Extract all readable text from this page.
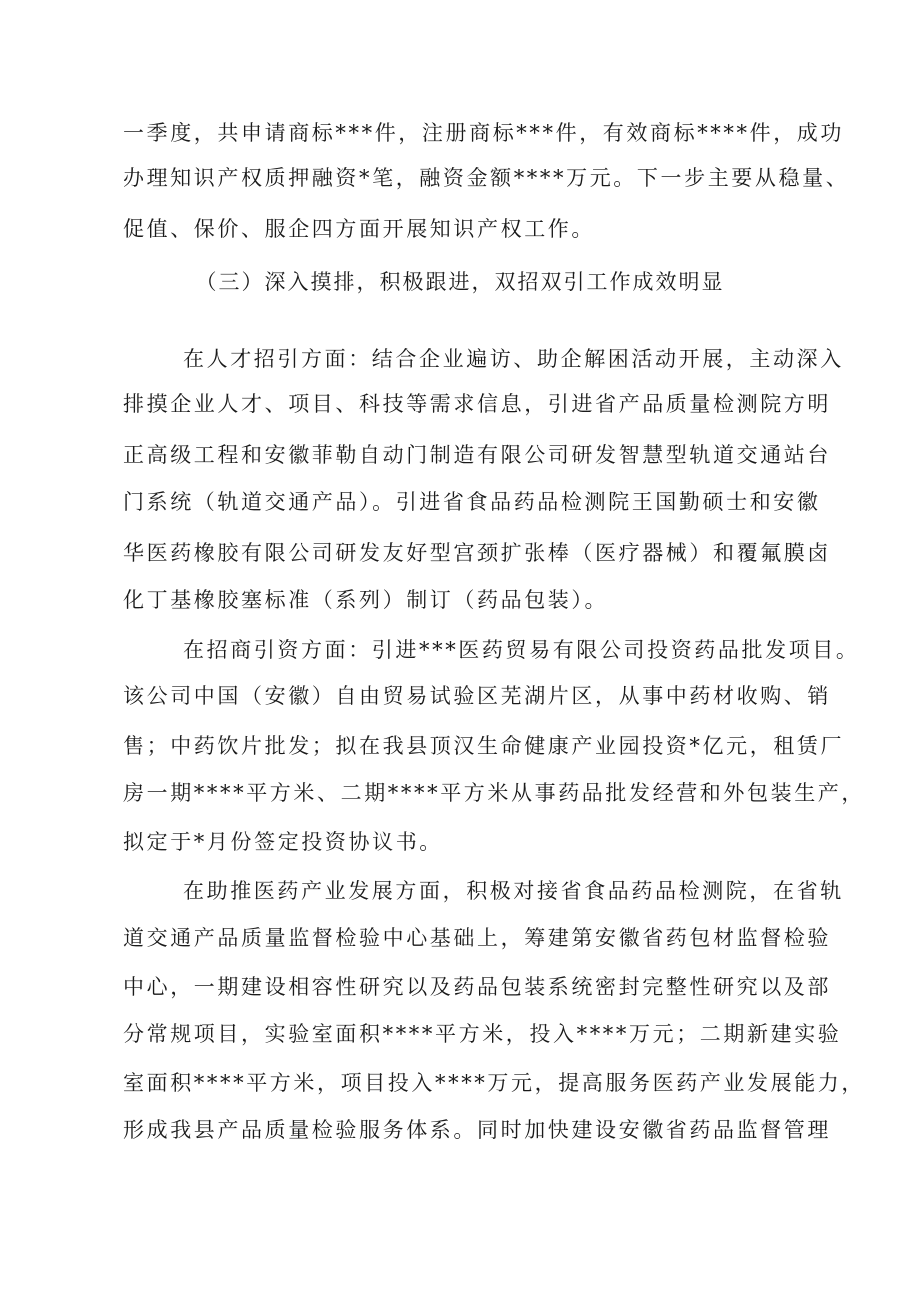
一季度，共申请商标***件，注册商标***件，有效商标****件，成功
办理知识产权质押融资*笔，融资金额****万元。下一步主要从稳量、
促值、保价、服企四方面开展知识产权工作。
（三）深入摸排，积极跟进，双招双引工作成效明显
在人才招引方面：结合企业遍访、助企解困活动开展，主动深入
排摸企业人才、项目、科技等需求信息，引进省产品质量检测院方明
正高级工程和安徽菲勒自动门制造有限公司研发智慧型轨道交通站台
门系统（轨道交通产品）。引进省食品药品检测院王国勤硕士和安徽
华医药橡胶有限公司研发友好型宫颈扩张棒（医疗器械）和覆氟膜卤
化丁基橡胶塞标准（系列）制订（药品包装）。
在招商引资方面：引进***医药贸易有限公司投资药品批发项目。
该公司中国（安徽）自由贸易试验区芜湖片区，从事中药材收购、销
售；中药饮片批发；拟在我县顶汉生命健康产业园投资*亿元，租赁厂
房一期****平方米、二期****平方米从事药品批发经营和外包装生产，
拟定于*月份签定投资协议书。
在助推医药产业发展方面，积极对接省食品药品检测院，在省轨
道交通产品质量监督检验中心基础上，筹建第安徽省药包材监督检验
中心，一期建设相容性研究以及药品包装系统密封完整性研究以及部
分常规项目，实验室面积****平方米，投入****万元；二期新建实验
室面积****平方米，项目投入****万元，提高服务医药产业发展能力，
形成我县产品质量检验服务体系。同时加快建设安徽省药品监督管理
